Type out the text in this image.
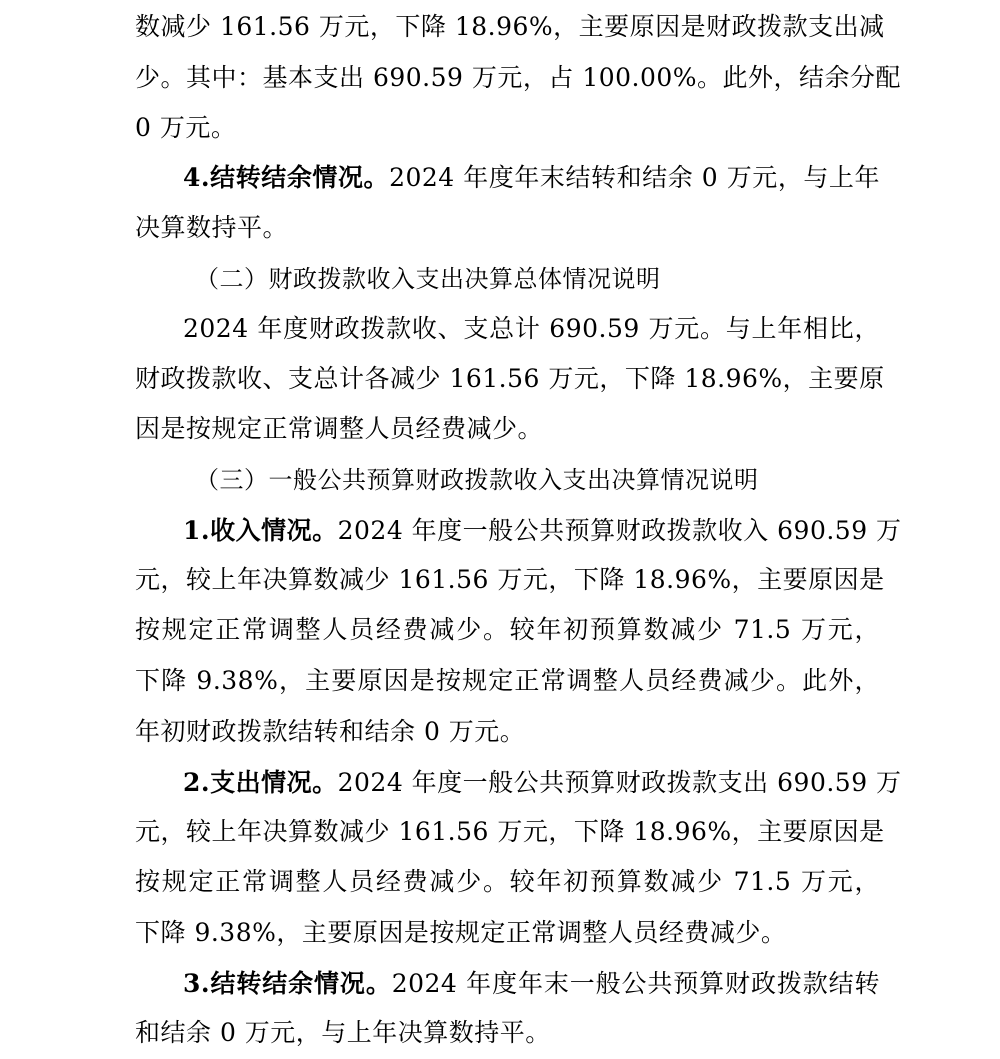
数减少 161.56 万元，下降 18.96%，主要原因是财政拨款支出减
少。其中：基本支出 690.59 万元，占 100.00%。此外，结余分配
0 万元。
4.结转结余情况。2024 年度年末结转和结余 0 万元，与上年
决算数持平。
（二）财政拨款收入支出决算总体情况说明
2024 年度财政拨款收、支总计 690.59 万元。与上年相比，
财政拨款收、支总计各减少 161.56 万元，下降 18.96%，主要原
因是按规定正常调整人员经费减少。
（三）一般公共预算财政拨款收入支出决算情况说明
1.收入情况。2024 年度一般公共预算财政拨款收入 690.59 万
元，较上年决算数减少 161.56 万元，下降 18.96%，主要原因是
按规定正常调整人员经费减少。较年初预算数减少 71.5 万元，
下降 9.38%，主要原因是按规定正常调整人员经费减少。此外，
年初财政拨款结转和结余 0 万元。
2.支出情况。2024 年度一般公共预算财政拨款支出 690.59 万
元，较上年决算数减少 161.56 万元，下降 18.96%，主要原因是
按规定正常调整人员经费减少。较年初预算数减少 71.5 万元，
下降 9.38%，主要原因是按规定正常调整人员经费减少。
3.结转结余情况。2024 年度年末一般公共预算财政拨款结转
和结余 0 万元，与上年决算数持平。
